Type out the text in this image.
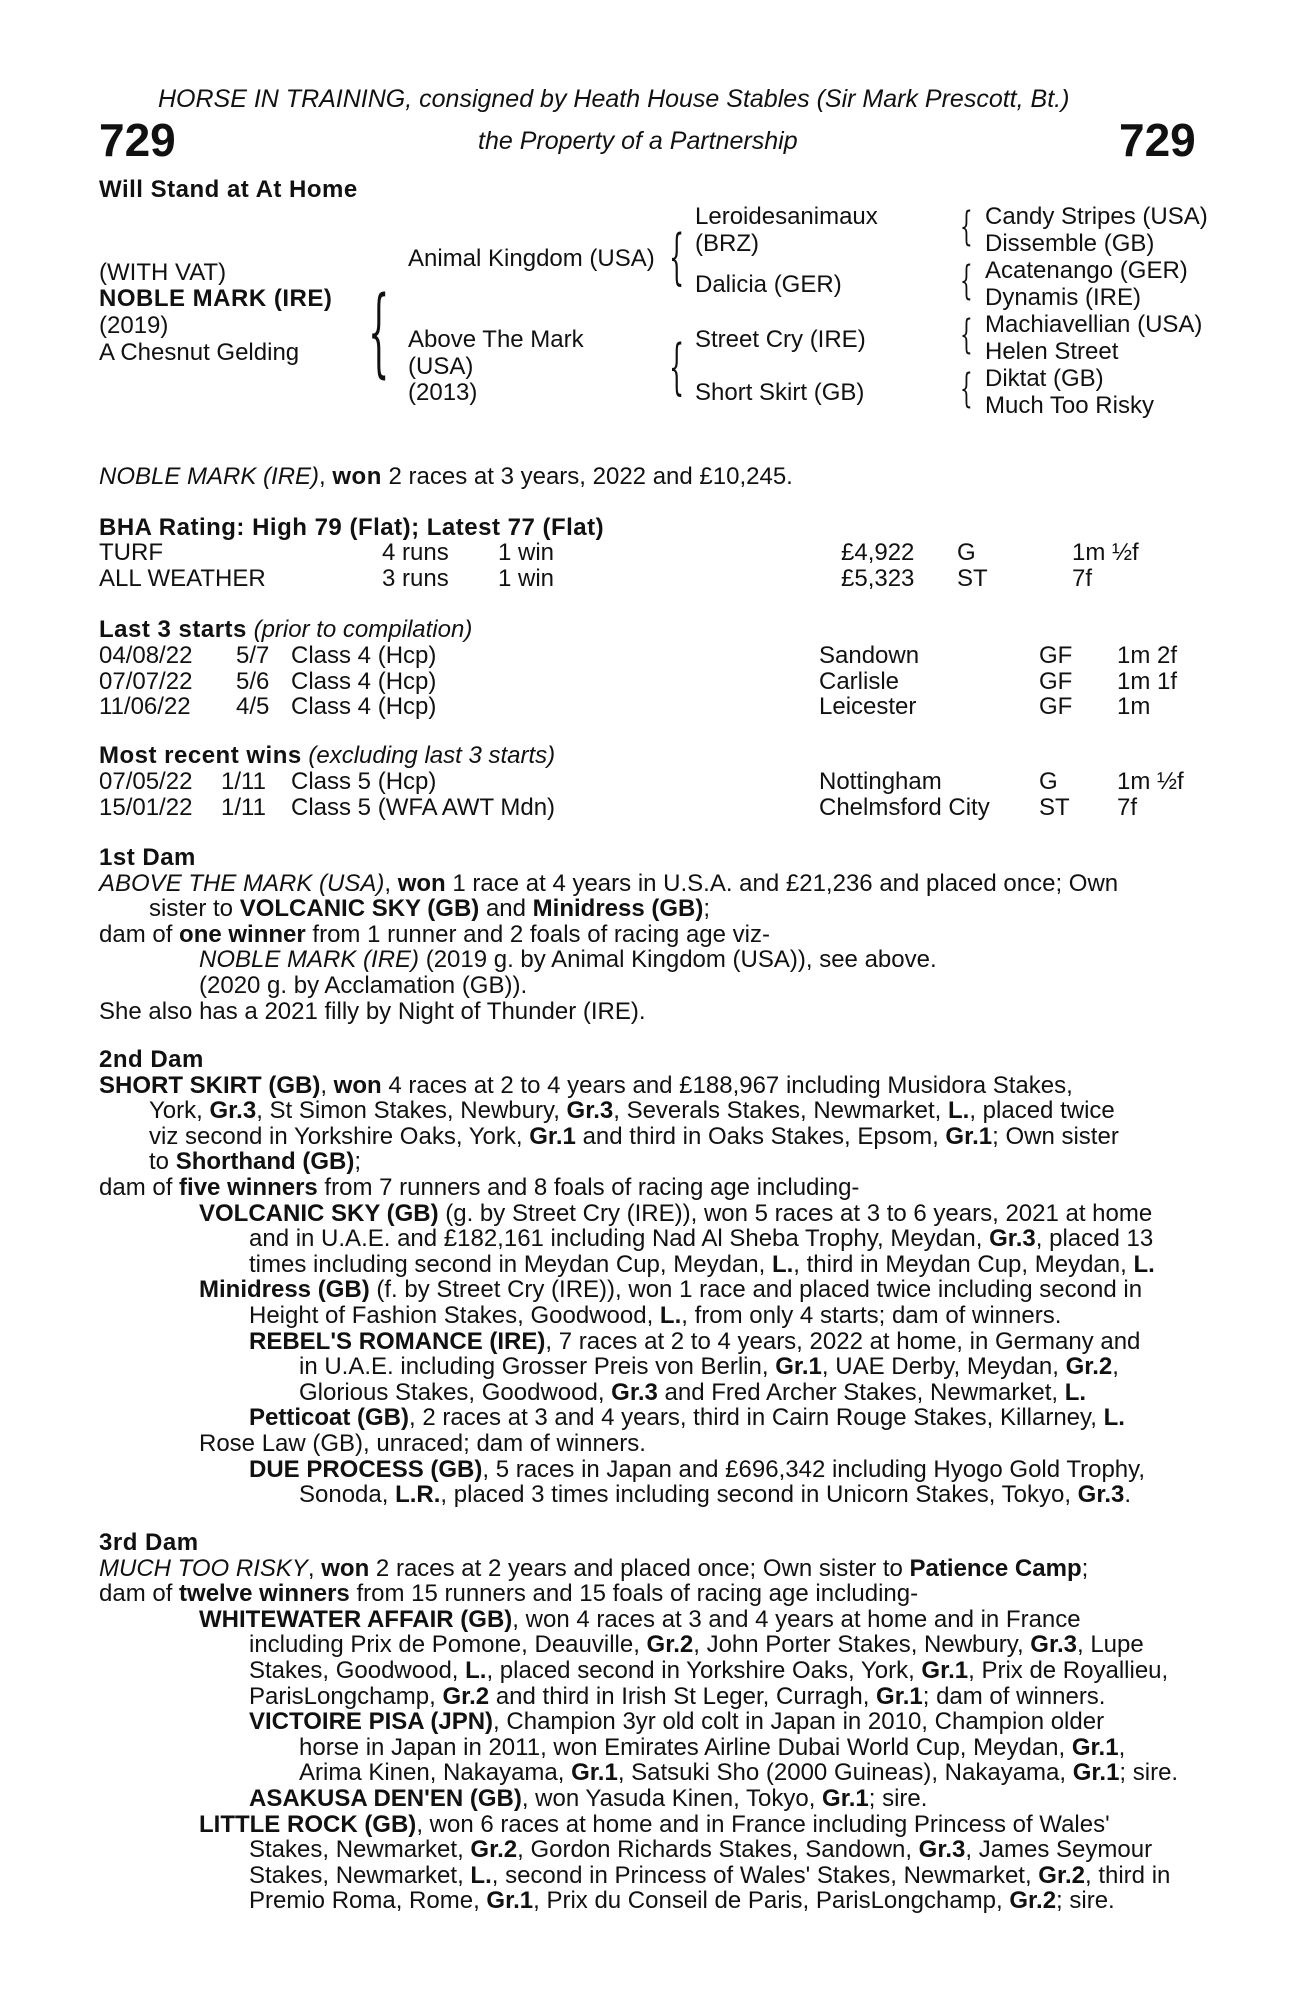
HORSE IN TRAINING, consigned by Heath House Stables (Sir Mark Prescott, Bt.)
729	the Property of a Partnership	729
Will Stand at At Home
(WITH VAT)
NOBLE MARK (IRE)
(2019)
A Chesnut Gelding {
Animal Kingdom (USA)
Above The Mark
(USA)
(2013)
{
{
Leroidesanimaux
(BRZ)
Dalicia (GER)
Street Cry (IRE)
Short Skirt (GB)
{
{
{
{
Candy Stripes (USA)
Dissemble (GB)
Acatenango (GER)
Dynamis (IRE)
Machiavellian (USA)
Helen Street
Diktat (GB)
Much Too Risky
NOBLE MARK (IRE), won 2 races at 3 years, 2022 and £10,245.
BHA Rating: High 79 (Flat); Latest 77 (Flat)
TURF	4 runs	1 win	£4,922	G	1m ½f
ALL WEATHER	3 runs	1 win	£5,323	ST	7f
Last 3 starts (prior to compilation)
04/08/22	5/7	Class 4 (Hcp)	Sandown	GF	1m 2f
07/07/22	5/6	Class 4 (Hcp)	Carlisle	GF	1m 1f
11/06/22	4/5	Class 4 (Hcp)	Leicester	GF	1m
Most recent wins (excluding last 3 starts)
07/05/22	1/11	Class 5 (Hcp)	Nottingham	G	1m ½f
15/01/22	1/11	Class 5 (WFA AWT Mdn)	Chelmsford City	ST	7f
1st Dam
ABOVE THE MARK (USA), won 1 race at 4 years in U.S.A. and £21,236 and placed once; Own
sister to VOLCANIC SKY (GB) and Minidress (GB);
dam of one winner from 1 runner and 2 foals of racing age viz-
NOBLE MARK (IRE) (2019 g. by Animal Kingdom (USA)), see above.
(2020 g. by Acclamation (GB)).
She also has a 2021 filly by Night of Thunder (IRE).
2nd Dam
SHORT SKIRT (GB), won 4 races at 2 to 4 years and £188,967 including Musidora Stakes,
York, Gr.3, St Simon Stakes, Newbury, Gr.3, Severals Stakes, Newmarket, L., placed twice
viz second in Yorkshire Oaks, York, Gr.1 and third in Oaks Stakes, Epsom, Gr.1; Own sister
to Shorthand (GB);
dam of five winners from 7 runners and 8 foals of racing age including-
VOLCANIC SKY (GB) (g. by Street Cry (IRE)), won 5 races at 3 to 6 years, 2021 at home
and in U.A.E. and £182,161 including Nad Al Sheba Trophy, Meydan, Gr.3, placed 13
times including second in Meydan Cup, Meydan, L., third in Meydan Cup, Meydan, L.
Minidress (GB) (f. by Street Cry (IRE)), won 1 race and placed twice including second in
Height of Fashion Stakes, Goodwood, L., from only 4 starts; dam of winners.
REBEL'S ROMANCE (IRE), 7 races at 2 to 4 years, 2022 at home, in Germany and
in U.A.E. including Grosser Preis von Berlin, Gr.1, UAE Derby, Meydan, Gr.2,
Glorious Stakes, Goodwood, Gr.3 and Fred Archer Stakes, Newmarket, L.
Petticoat (GB), 2 races at 3 and 4 years, third in Cairn Rouge Stakes, Killarney, L.
Rose Law (GB), unraced; dam of winners.
DUE PROCESS (GB), 5 races in Japan and £696,342 including Hyogo Gold Trophy,
Sonoda, L.R., placed 3 times including second in Unicorn Stakes, Tokyo, Gr.3.
3rd Dam
MUCH TOO RISKY, won 2 races at 2 years and placed once; Own sister to Patience Camp;
dam of twelve winners from 15 runners and 15 foals of racing age including-
WHITEWATER AFFAIR (GB), won 4 races at 3 and 4 years at home and in France
including Prix de Pomone, Deauville, Gr.2, John Porter Stakes, Newbury, Gr.3, Lupe
Stakes, Goodwood, L., placed second in Yorkshire Oaks, York, Gr.1, Prix de Royallieu,
ParisLongchamp, Gr.2 and third in Irish St Leger, Curragh, Gr.1; dam of winners.
VICTOIRE PISA (JPN), Champion 3yr old colt in Japan in 2010, Champion older
horse in Japan in 2011, won Emirates Airline Dubai World Cup, Meydan, Gr.1,
Arima Kinen, Nakayama, Gr.1, Satsuki Sho (2000 Guineas), Nakayama, Gr.1; sire.
ASAKUSA DEN'EN (GB), won Yasuda Kinen, Tokyo, Gr.1; sire.
LITTLE ROCK (GB), won 6 races at home and in France including Princess of Wales'
Stakes, Newmarket, Gr.2, Gordon Richards Stakes, Sandown, Gr.3, James Seymour
Stakes, Newmarket, L., second in Princess of Wales' Stakes, Newmarket, Gr.2, third in
Premio Roma, Rome, Gr.1, Prix du Conseil de Paris, ParisLongchamp, Gr.2; sire.
